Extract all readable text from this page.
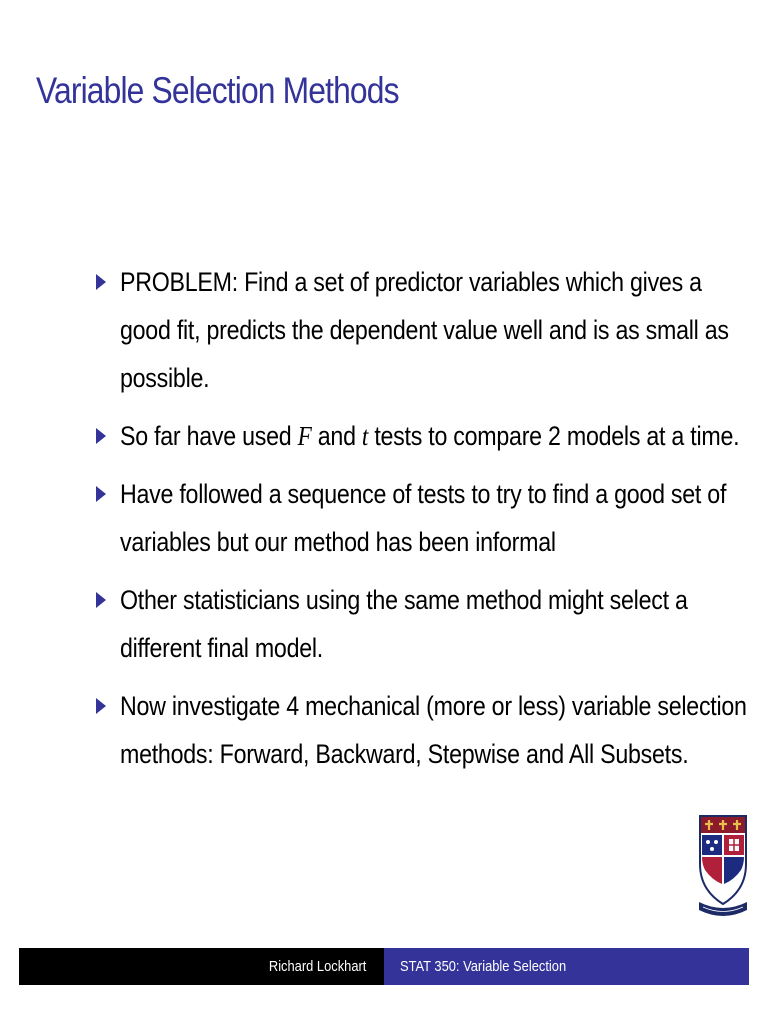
Variable Selection Methods
PROBLEM: Find a set of predictor variables which gives a good fit, predicts the dependent value well and is as small as possible.
So far have used F and t tests to compare 2 models at a time.
Have followed a sequence of tests to try to find a good set of variables but our method has been informal
Other statisticians using the same method might select a different final model.
Now investigate 4 mechanical (more or less) variable selection methods: Forward, Backward, Stepwise and All Subsets.
Richard Lockhart STAT 350: Variable Selection
